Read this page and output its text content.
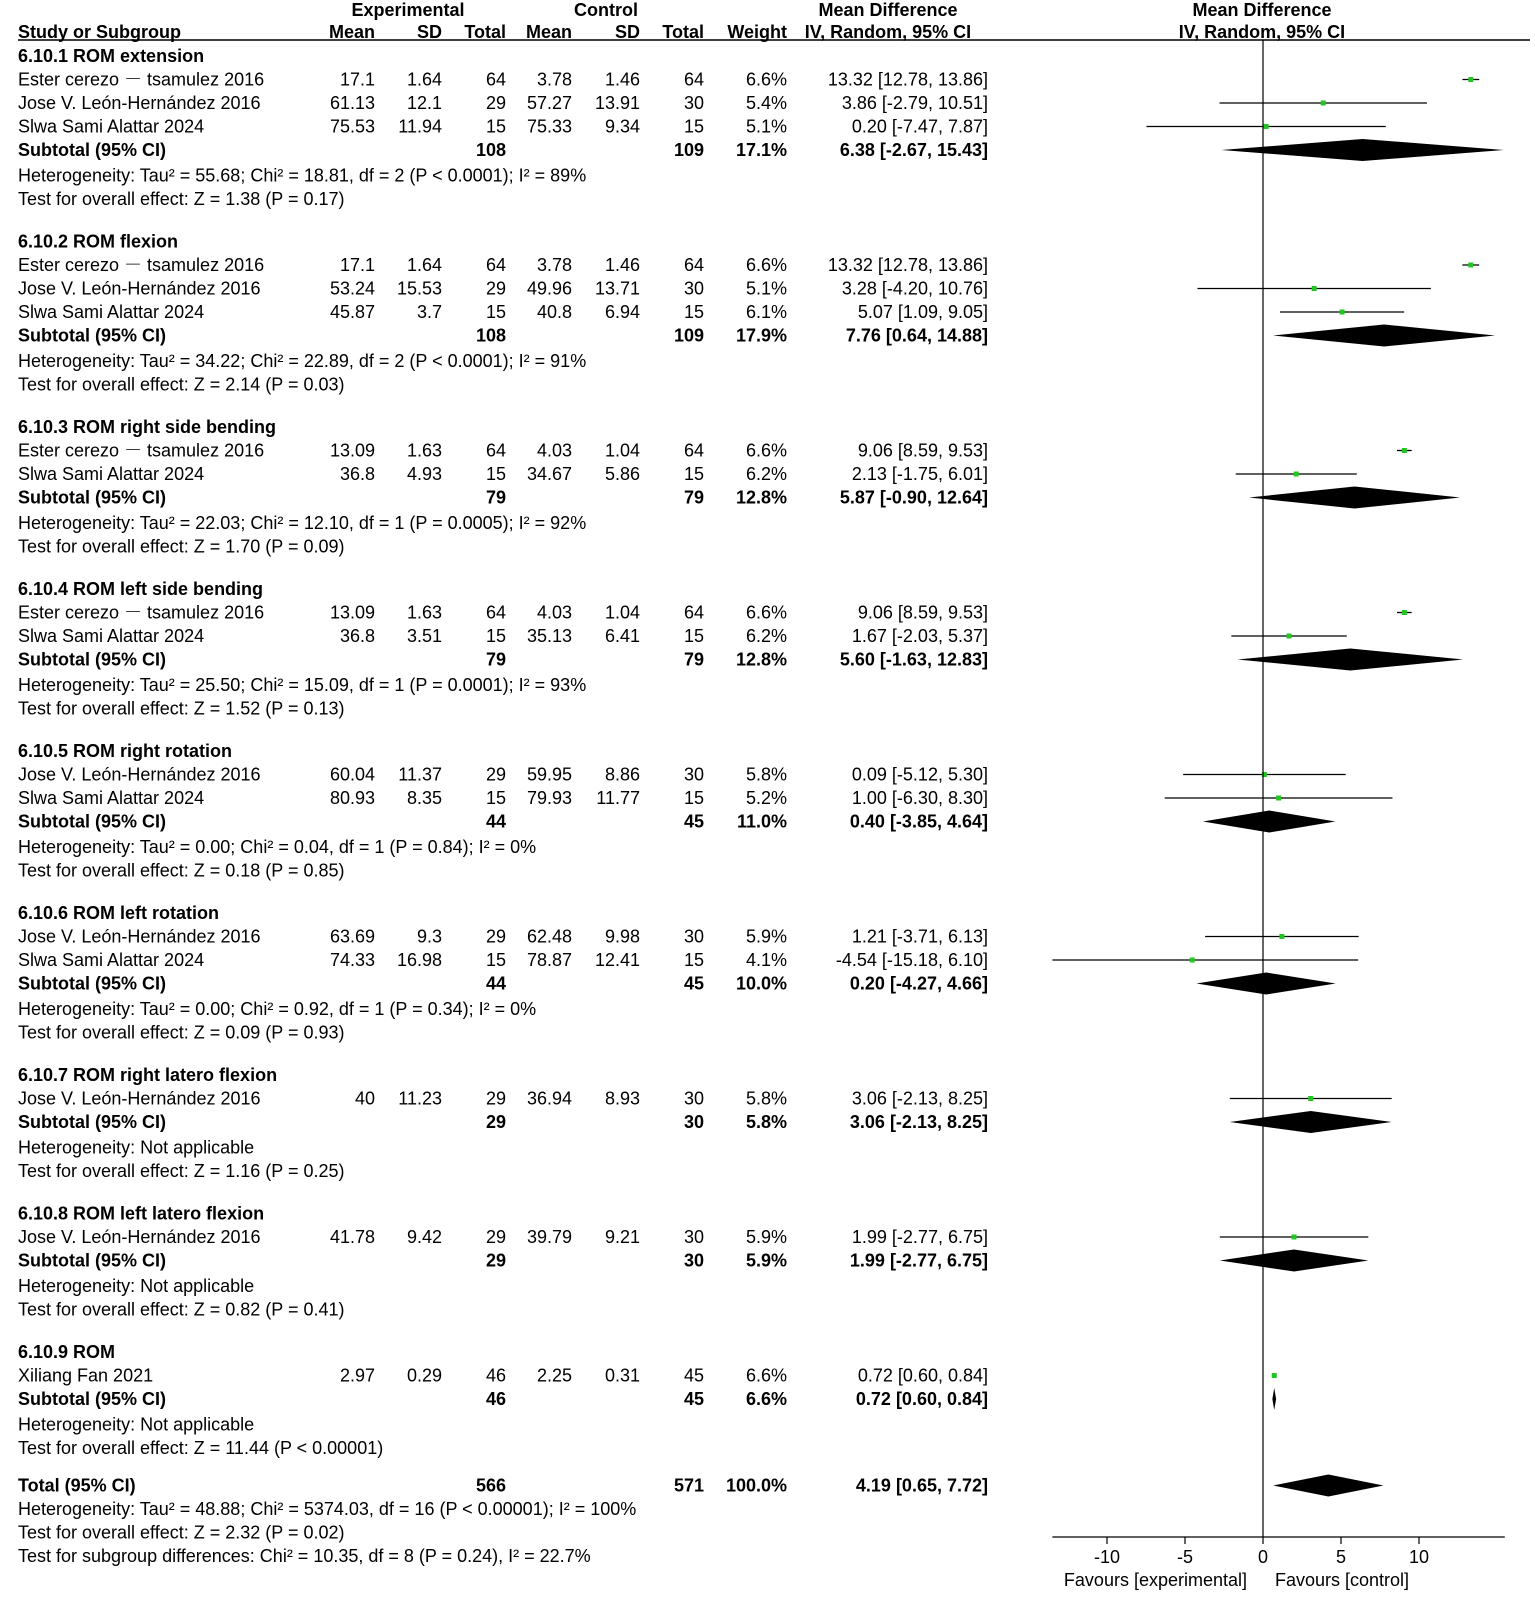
Experimental	Control	Mean Difference	Mean Difference
Study or Subgroup	Mean SD Total Mean SD Total Weight IV, Random, 95% CI	IV, Random, 95% CI
6.10.1 ROM extension
Ester cerezo － tsamulez 2016	17.1 1.64 64 3.78 1.46 64 6.6% 13.32 [12.78, 13.86]
Jose V. León-Hernández 2016	61.13 12.1 29 57.27 13.91 30 5.4%	3.86 [-2.79, 10.51]
Slwa Sami Alattar 2024	75.53 11.94 15 75.33 9.34 15 5.1%	0.20 [-7.47, 7.87]
Subtotal (95% CI)	108	109 17.1%	6.38 [-2.67, 15.43]
Heterogeneity: Tau² = 55.68; Chi² = 18.81, df = 2 (P < 0.0001); I² = 89%
Test for overall effect: Z = 1.38 (P = 0.17)
6.10.2 ROM flexion
Ester cerezo － tsamulez 2016	17.1 1.64 64 3.78 1.46 64 6.6% 13.32 [12.78, 13.86]
Jose V. León-Hernández 2016	53.24 15.53 29 49.96 13.71 30 5.1%	3.28 [-4.20, 10.76]
Slwa Sami Alattar 2024	45.87 3.7 15 40.8 6.94 15 6.1%	5.07 [1.09, 9.05]
Subtotal (95% CI)	108	109 17.9%	7.76 [0.64, 14.88]
Heterogeneity: Tau² = 34.22; Chi² = 22.89, df = 2 (P < 0.0001); I² = 91%
Test for overall effect: Z = 2.14 (P = 0.03)
6.10.3 ROM right side bending
Ester cerezo － tsamulez 2016	13.09 1.63 64 4.03 1.04 64 6.6%	9.06 [8.59, 9.53]
Slwa Sami Alattar 2024	36.8 4.93 15 34.67 5.86 15 6.2%	2.13 [-1.75, 6.01]
Subtotal (95% CI)	79	79 12.8%	5.87 [-0.90, 12.64]
Heterogeneity: Tau² = 22.03; Chi² = 12.10, df = 1 (P = 0.0005); I² = 92%
Test for overall effect: Z = 1.70 (P = 0.09)
6.10.4 ROM left side bending
Ester cerezo － tsamulez 2016	13.09 1.63 64 4.03 1.04 64 6.6%	9.06 [8.59, 9.53]
Slwa Sami Alattar 2024	36.8 3.51 15 35.13 6.41 15 6.2%	1.67 [-2.03, 5.37]
Subtotal (95% CI)	79	79 12.8%	5.60 [-1.63, 12.83]
Heterogeneity: Tau² = 25.50; Chi² = 15.09, df = 1 (P = 0.0001); I² = 93%
Test for overall effect: Z = 1.52 (P = 0.13)
6.10.5 ROM right rotation
Jose V. León-Hernández 2016	60.04 11.37 29 59.95 8.86 30 5.8%	0.09 [-5.12, 5.30]
Slwa Sami Alattar 2024	80.93 8.35 15 79.93 11.77 15 5.2%	1.00 [-6.30, 8.30]
Subtotal (95% CI)	44	45 11.0%	0.40 [-3.85, 4.64]
Heterogeneity: Tau² = 0.00; Chi² = 0.04, df = 1 (P = 0.84); I² = 0%
Test for overall effect: Z = 0.18 (P = 0.85)
6.10.6 ROM left rotation
Jose V. León-Hernández 2016	63.69 9.3 29 62.48 9.98 30 5.9%	1.21 [-3.71, 6.13]
Slwa Sami Alattar 2024	74.33 16.98 15 78.87 12.41 15 4.1%	-4.54 [-15.18, 6.10]
Subtotal (95% CI)	44	45 10.0%	0.20 [-4.27, 4.66]
Heterogeneity: Tau² = 0.00; Chi² = 0.92, df = 1 (P = 0.34); I² = 0%
Test for overall effect: Z = 0.09 (P = 0.93)
6.10.7 ROM right latero flexion
Jose V. León-Hernández 2016	40 11.23 29 36.94 8.93 30 5.8%	3.06 [-2.13, 8.25]
Subtotal (95% CI)	29	30 5.8%	3.06 [-2.13, 8.25]
Heterogeneity: Not applicable
Test for overall effect: Z = 1.16 (P = 0.25)
6.10.8 ROM left latero flexion
Jose V. León-Hernández 2016	41.78 9.42 29 39.79 9.21 30 5.9%	1.99 [-2.77, 6.75]
Subtotal (95% CI)	29	30 5.9%	1.99 [-2.77, 6.75]
Heterogeneity: Not applicable
Test for overall effect: Z = 0.82 (P = 0.41)
6.10.9 ROM
Xiliang Fan 2021	2.97 0.29 46 2.25 0.31 45 6.6%	0.72 [0.60, 0.84]
Subtotal (95% CI)	46	45 6.6%	0.72 [0.60, 0.84]
Heterogeneity: Not applicable
Test for overall effect: Z = 11.44 (P < 0.00001)
Total (95% CI)	566	571 100.0%	4.19 [0.65, 7.72]
Heterogeneity: Tau² = 48.88; Chi² = 5374.03, df = 16 (P < 0.00001); I² = 100%
Test for overall effect: Z = 2.32 (P = 0.02)
Test for subgroup differences: Chi² = 10.35, df = 8 (P = 0.24), I² = 22.7%	-10	-5	0	5	10
Favours [experimental] Favours [control]
